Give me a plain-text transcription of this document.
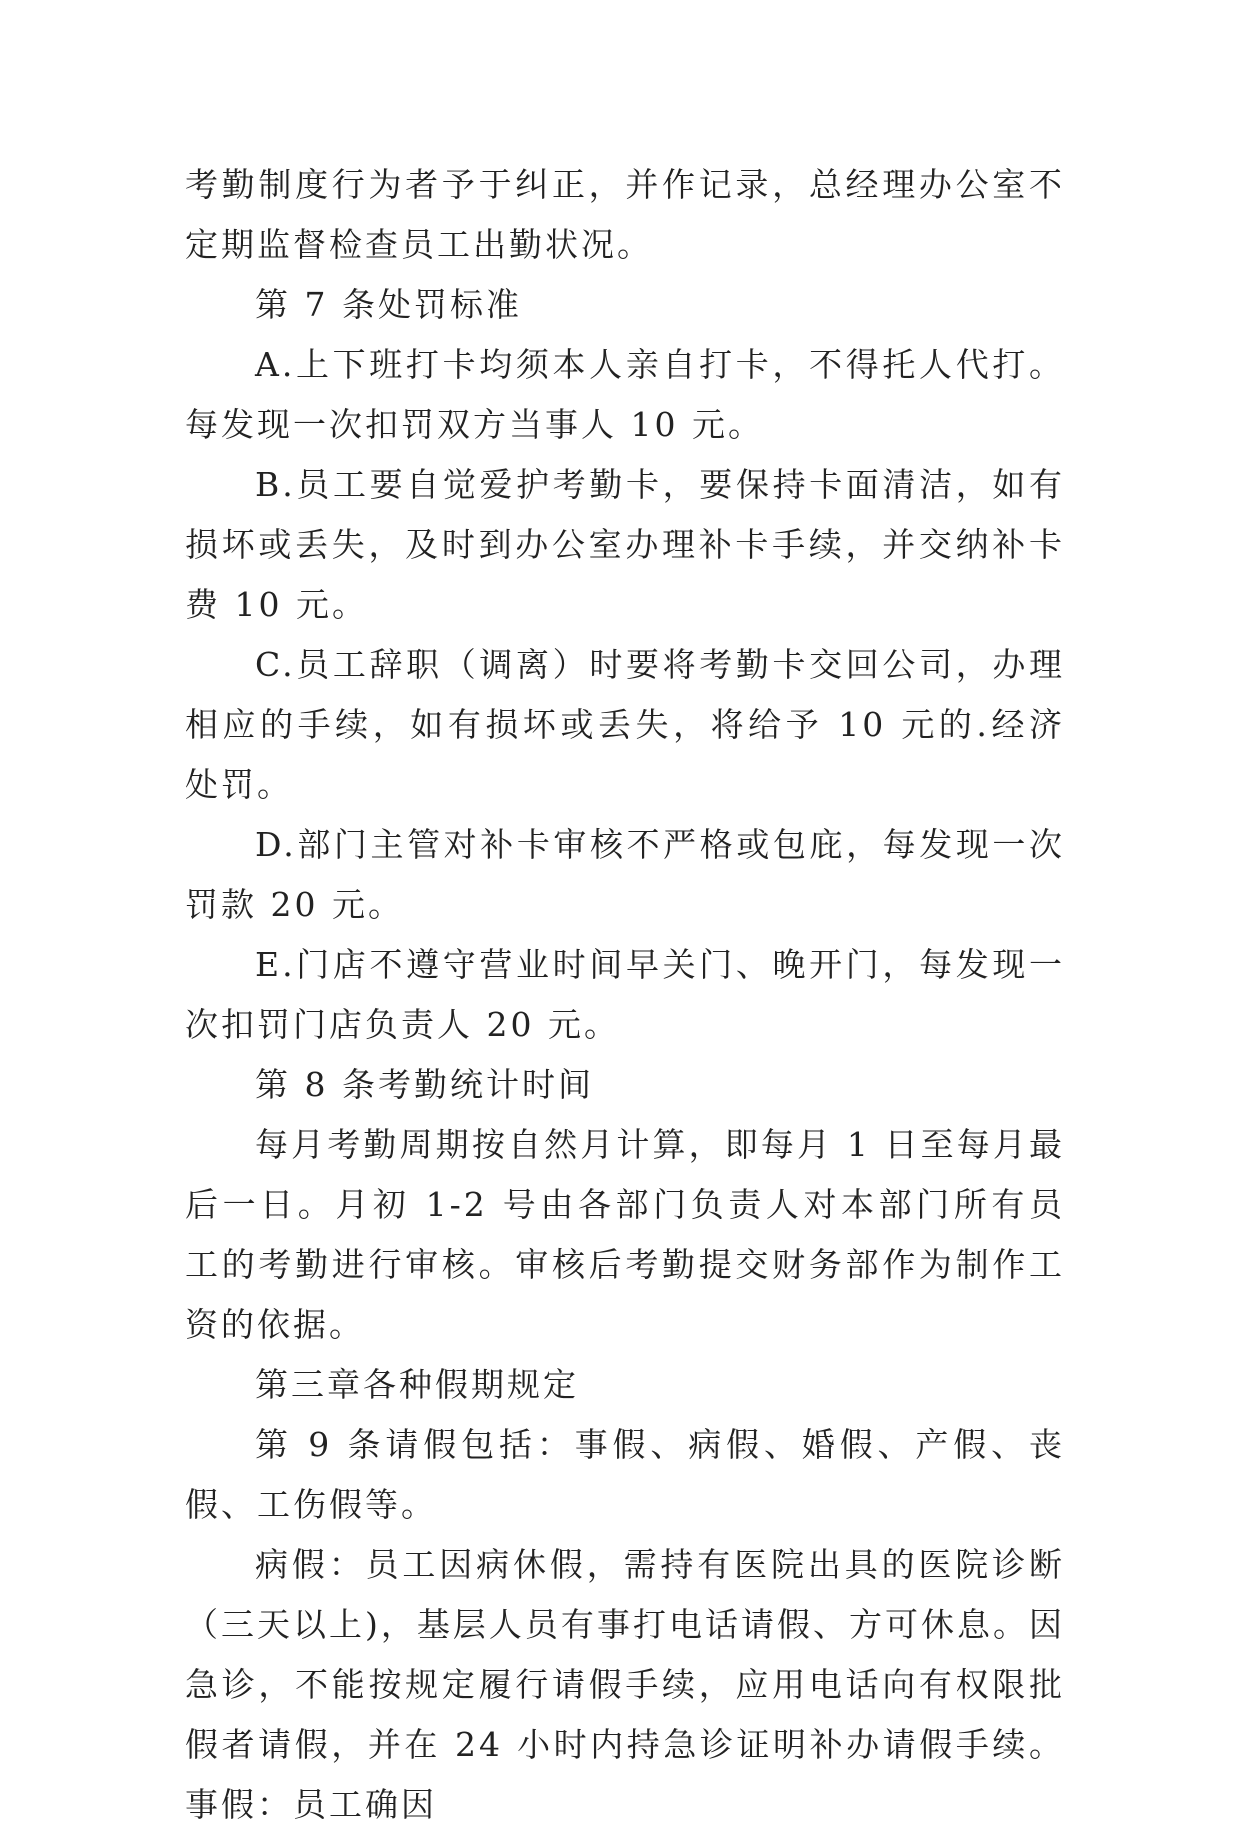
考勤制度行为者予于纠正，并作记录，总经理办公室不定期监督检查员工出勤状况。

第 7 条处罚标准

A.上下班打卡均须本人亲自打卡，不得托人代打。每发现一次扣罚双方当事人 10 元。

B.员工要自觉爱护考勤卡，要保持卡面清洁，如有损坏或丢失，及时到办公室办理补卡手续，并交纳补卡费 10 元。

C.员工辞职（调离）时要将考勤卡交回公司，办理相应的手续，如有损坏或丢失，将给予 10 元的.经济处罚。

D.部门主管对补卡审核不严格或包庇，每发现一次罚款 20 元。

E.门店不遵守营业时间早关门、晚开门，每发现一次扣罚门店负责人 20 元。

第 8 条考勤统计时间

每月考勤周期按自然月计算，即每月 1 日至每月最后一日。月初 1-2 号由各部门负责人对本部门所有员工的考勤进行审核。审核后考勤提交财务部作为制作工资的依据。

第三章各种假期规定

第 9 条请假包括：事假、病假、婚假、产假、丧假、工伤假等。

病假：员工因病休假，需持有医院出具的医院诊断（三天以上)，基层人员有事打电话请假、方可休息。因急诊，不能按规定履行请假手续，应用电话向有权限批假者请假，并在 24 小时内持急诊证明补办请假手续。事假：员工确因
